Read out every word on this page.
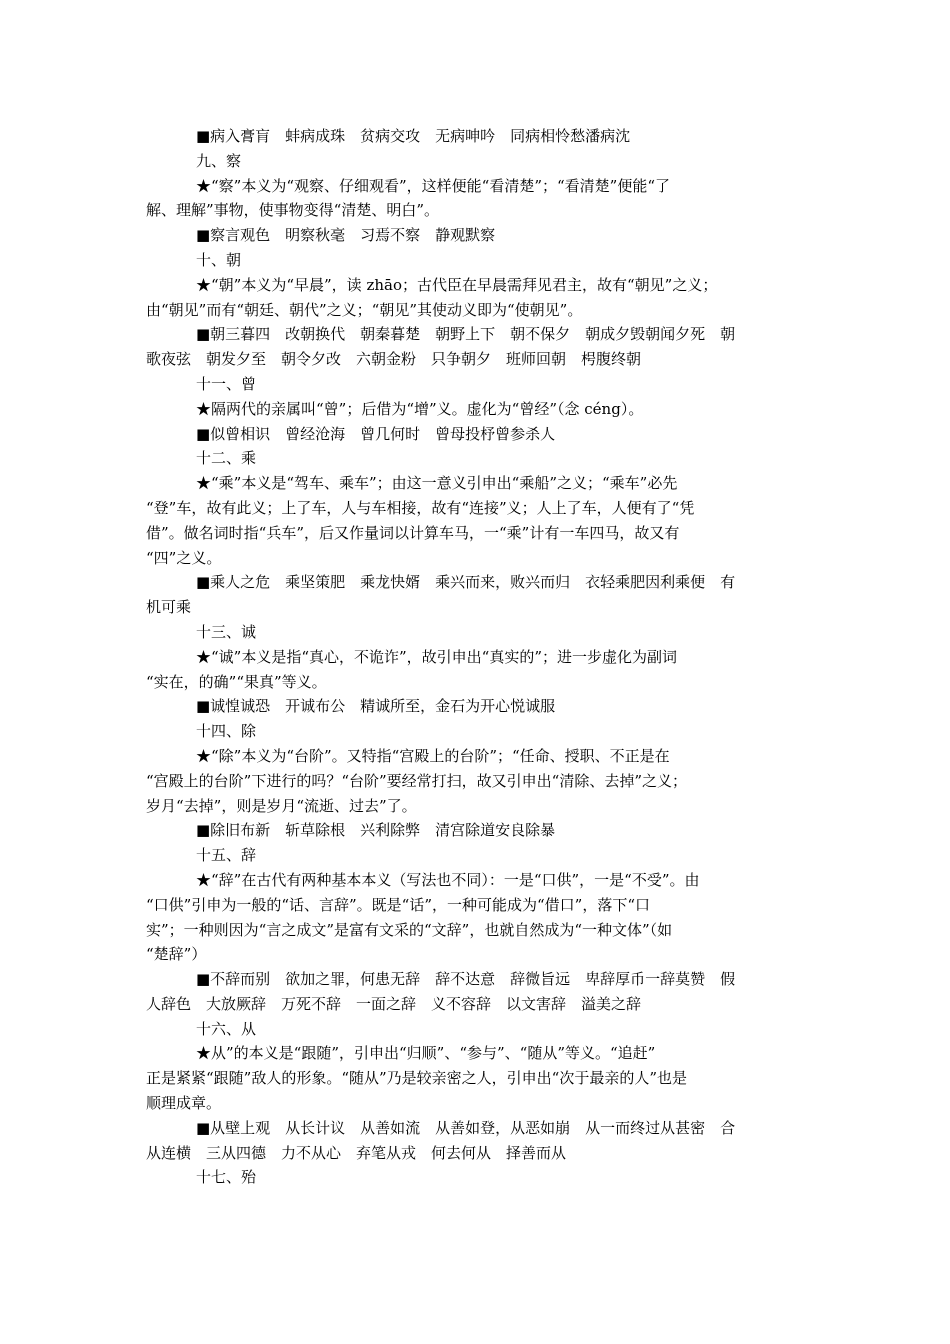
■病入膏肓　蚌病成珠　贫病交攻　无病呻吟　同病相怜愁潘病沈
九、察
★“察”本义为“观察、仔细观看”，这样便能“看清楚”；“看清楚”便能“了
解、理解”事物，使事物变得“清楚、明白”。
■察言观色　明察秋毫　习焉不察　静观默察
十、朝
★“朝”本义为“早晨”，读 zhāo；古代臣在早晨需拜见君主，故有“朝见”之义；
由“朝见”而有“朝廷、朝代”之义；“朝见”其使动义即为“使朝见”。
■朝三暮四　改朝换代　朝秦暮楚　朝野上下　朝不保夕　朝成夕毁朝闻夕死　朝
歌夜弦　朝发夕至　朝令夕改　六朝金粉　只争朝夕　班师回朝　枵腹终朝
十一、曾
★隔两代的亲属叫“曾”；后借为“增”义。虚化为“曾经”（念 céng）。
■似曾相识　曾经沧海　曾几何时　曾母投杼曾参杀人
十二、乘
★“乘”本义是“驾车、乘车”；由这一意义引申出“乘船”之义；“乘车”必先
“登”车，故有此义；上了车，人与车相接，故有“连接”义；人上了车，人便有了“凭
借”。做名词时指“兵车”，后又作量词以计算车马，一“乘”计有一车四马，故又有
“四”之义。
■乘人之危　乘坚策肥　乘龙快婿　乘兴而来，败兴而归　衣轻乘肥因利乘便　有
机可乘
十三、诚
★“诚”本义是指“真心，不诡诈”，故引申出“真实的”；进一步虚化为副词
“实在，的确”“果真”等义。
■诚惶诚恐　开诚布公　精诚所至，金石为开心悦诚服
十四、除
★“除”本义为“台阶”。又特指“宫殿上的台阶”；“任命、授职、不正是在
“宫殿上的台阶”下进行的吗？“台阶”要经常打扫，故又引申出“清除、去掉”之义；
岁月“去掉”，则是岁月“流逝、过去”了。
■除旧布新　斩草除根　兴利除弊　清宫除道安良除暴
十五、辞
★“辞”在古代有两种基本本义（写法也不同）：一是“口供”，一是“不受”。由
“口供”引申为一般的“话、言辞”。既是“话”，一种可能成为“借口”，落下“口
实”；一种则因为“言之成文”是富有文采的“文辞”，也就自然成为“一种文体”（如
“楚辞”）
■不辞而别　欲加之罪，何患无辞　辞不达意　辞微旨远　卑辞厚币一辞莫赞　假
人辞色　大放厥辞　万死不辞　一面之辞　义不容辞　以文害辞　溢美之辞
十六、从
★从”的本义是“跟随”，引申出“归顺”、“参与”、“随从”等义。“追赶”
正是紧紧“跟随”敌人的形象。“随从”乃是较亲密之人，引申出“次于最亲的人”也是
顺理成章。
■从壁上观　从长计议　从善如流　从善如登，从恶如崩　从一而终过从甚密　合
从连横　三从四德　力不从心　弃笔从戎　何去何从　择善而从
十七、殆
